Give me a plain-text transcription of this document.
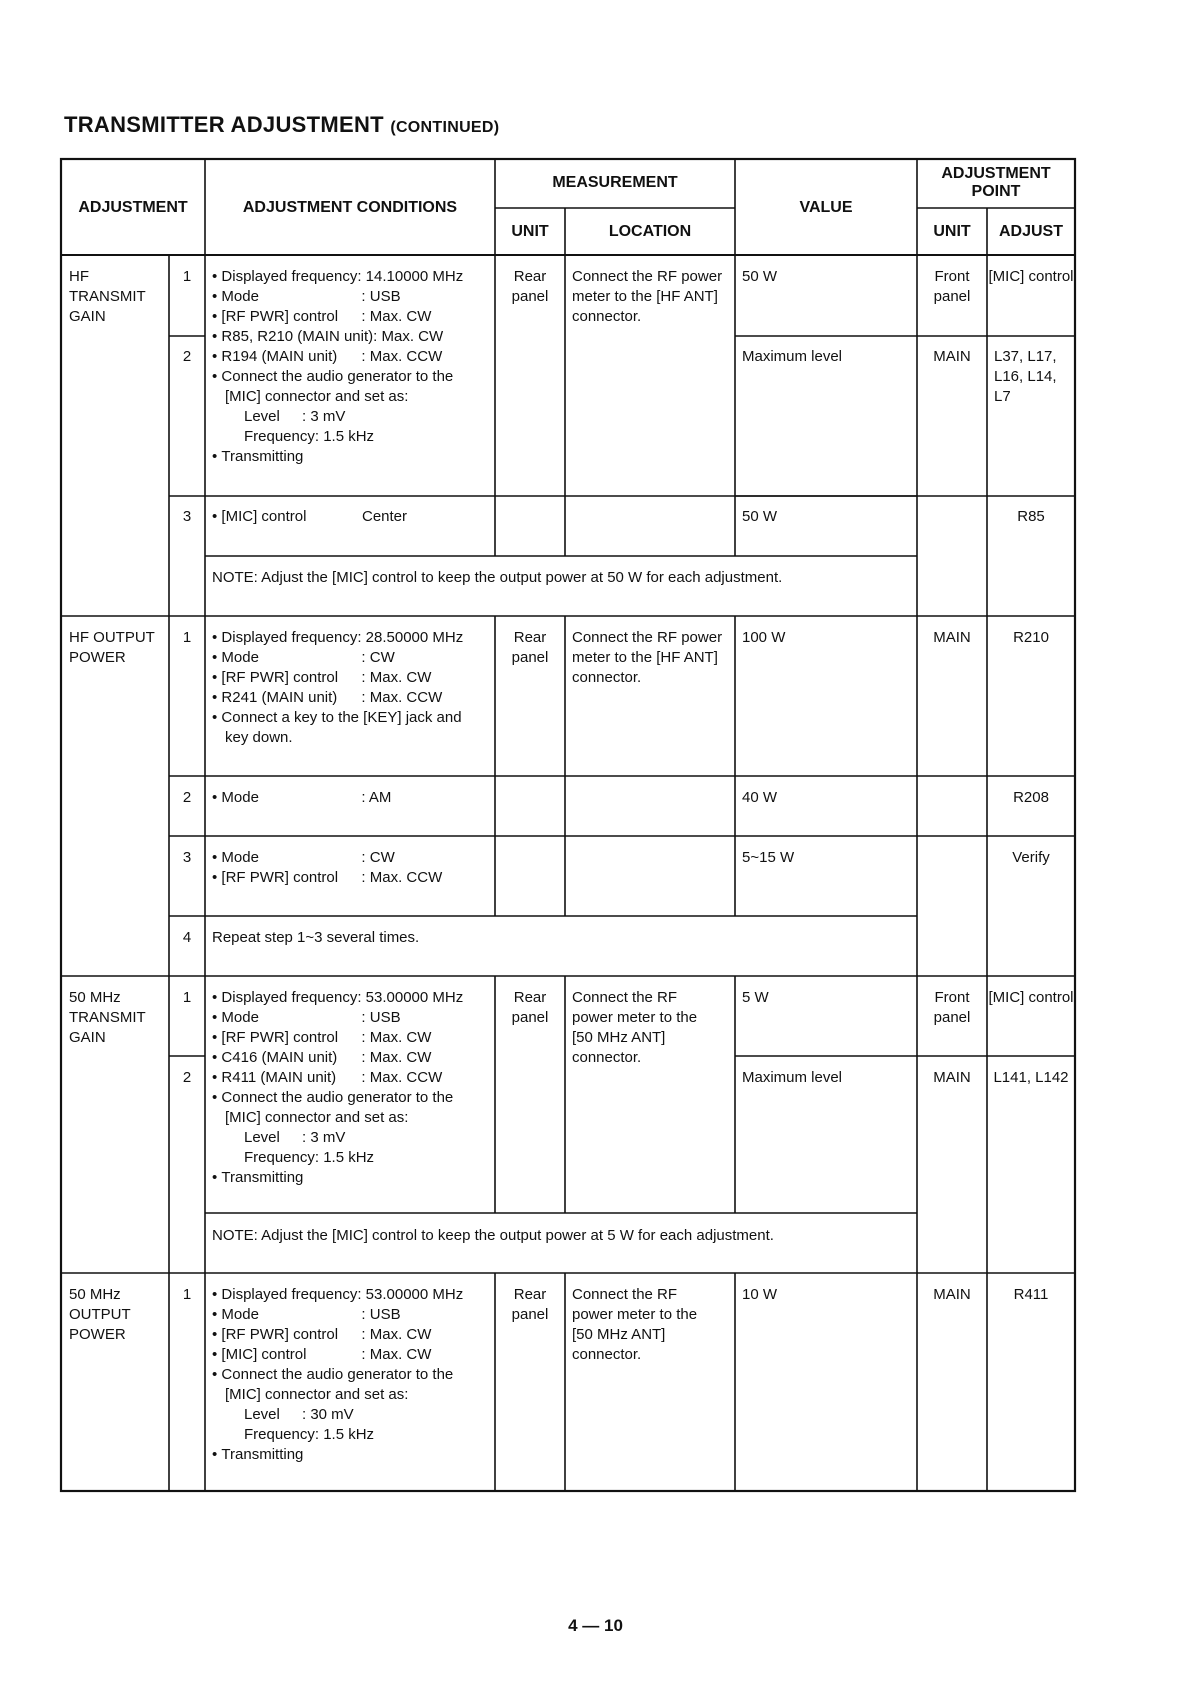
TRANSMITTER ADJUSTMENT (CONTINUED)
ADJUSTMENT	ADJUSTMENT CONDITIONS
MEASUREMENT
UNIT	LOCATION
VALUE
ADJUSTMENT POINT
UNIT	ADJUST
HF TRANSMIT GAIN
1
2
3
• Displayed frequency: 14.10000 MHz
• Mode	: USB
• [RF PWR] control : Max. CW
• R85, R210 (MAIN unit): Max. CW
• R194 (MAIN unit) : Max. CCW
• Connect the audio generator to the
[MIC] connector and set as:
Level : 3 mV
Frequency: 1.5 kHz
• Transmitting
• [MIC] control	Center
Rear panel
Connect the RF power meter to the [HF ANT] connector.
50 W
Maximum level
50 W
Front panel
[MIC] control
MAIN	L37, L17, L16, L14, L7
R85
NOTE: Adjust the [MIC] control to keep the output power at 50 W for each adjustment.
HF OUTPUT POWER
1
2
3
4
• Displayed frequency: 28.50000 MHz
• Mode	: CW
• [RF PWR] control : Max. CW
• R241 (MAIN unit) : Max. CCW
• Connect a key to the [KEY] jack and
key down.
• Mode	: AM
• Mode	: CW
• [RF PWR] control : Max. CCW
Repeat step 1~3 several times.
Rear panel
Connect the RF power meter to the [HF ANT] connector.
100 W
40 W
5~15 W
MAIN	R210
R208
Verify
50 MHz TRANSMIT GAIN
1
2
• Displayed frequency: 53.00000 MHz
• Mode	: USB
• [RF PWR] control : Max. CW
• C416 (MAIN unit) : Max. CW
• R411 (MAIN unit) : Max. CCW
• Connect the audio generator to the
[MIC] connector and set as:
Level : 3 mV
Frequency: 1.5 kHz
• Transmitting
Rear panel
Connect the RF power meter to the [50 MHz ANT] connector.
5 W
Maximum level
Front panel
[MIC] control
MAIN	L141, L142
NOTE: Adjust the [MIC] control to keep the output power at 5 W for each adjustment.
50 MHz OUTPUT POWER
1
•	Displayed frequency: 53.00000 MHz
• Mode	: USB
• [RF PWR] control : Max. CW
• [MIC] control	: Max. CW
• Connect the audio generator to the
[MIC] connector and set as:
Level : 30 mV
Frequency: 1.5 kHz
• Transmitting
Rear panel
Connect the RF power meter to the [50 MHz ANT] connector.
10 W	MAIN	R411
4 — 10
